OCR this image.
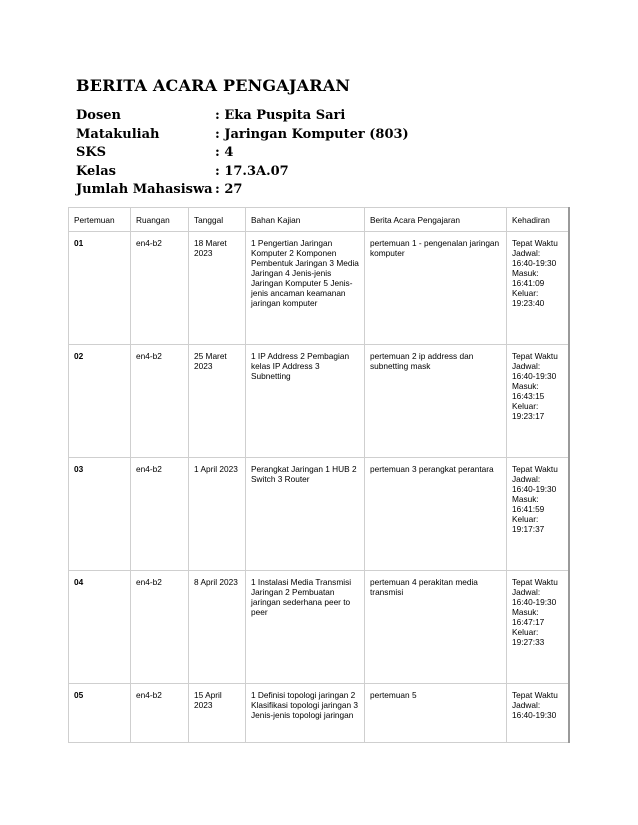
BERITA ACARA PENGAJARAN
Dosen	: Eka Puspita Sari
Matakuliah	: Jaringan Komputer (803)
SKS	: 4
Kelas	: 17.3A.07
Jumlah Mahasiswa : 27
Pertemuan	Ruangan	Tanggal	Bahan Kajian	Berita Acara Pengajaran	Kehadiran
01	en4-b2	18 Maret 2023	1 Pengertian Jaringan Komputer 2 Komponen Pembentuk Jaringan 3 Media Jaringan 4 Jenis-jenis Jaringan Komputer 5 Jenis-jenis ancaman keamanan jaringan komputer	pertemuan 1 - pengenalan jaringan komputer	Tepat Waktu Jadwal: 16:40-19:30 Masuk: 16:41:09 Keluar: 19:23:40
02	en4-b2	25 Maret 2023	1 IP Address 2 Pembagian kelas IP Address 3 Subnetting	pertemuan 2 ip address dan subnetting mask	Tepat Waktu Jadwal: 16:40-19:30 Masuk: 16:43:15 Keluar: 19:23:17
03	en4-b2	1 April 2023	Perangkat Jaringan 1 HUB 2 Switch 3 Router	pertemuan 3 perangkat perantara	Tepat Waktu Jadwal: 16:40-19:30 Masuk: 16:41:59 Keluar: 19:17:37
04	en4-b2	8 April 2023	1 Instalasi Media Transmisi Jaringan 2 Pembuatan jaringan sederhana peer to peer	pertemuan 4 perakitan media transmisi	Tepat Waktu Jadwal: 16:40-19:30 Masuk: 16:47:17 Keluar: 19:27:33
05	en4-b2	15 April 2023	1 Definisi topologi jaringan 2 Klasifikasi topologi jaringan 3 Jenis-jenis topologi jaringan	pertemuan 5	Tepat Waktu Jadwal: 16:40-19:30
